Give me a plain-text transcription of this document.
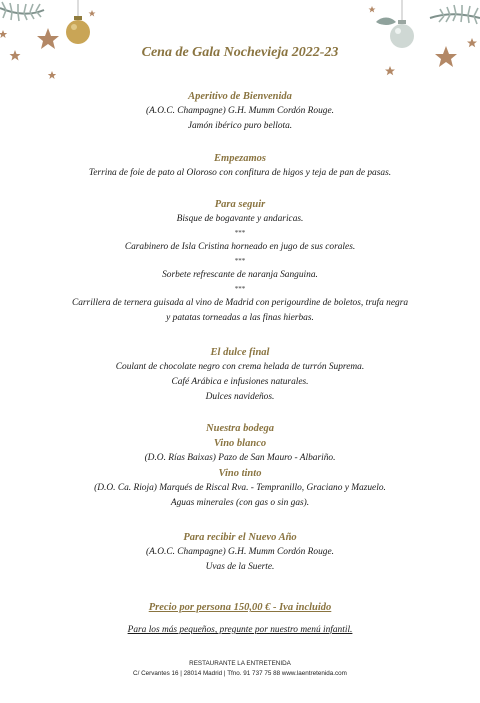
Cena de Gala Nochevieja 2022-23
Aperitivo de Bienvenida
(A.O.C. Champagne) G.H. Mumm Cordón Rouge.
Jamón ibérico puro bellota.
Empezamos
Terrina de foie de pato al Oloroso con confitura de higos y teja de pan de pasas.
Para seguir
Bisque de bogavante y andaricas.
***
Carabinero de Isla Cristina horneado en jugo de sus corales.
***
Sorbete refrescante de naranja Sanguina.
***
Carrillera de ternera guisada al vino de Madrid con perigourdine de boletos, trufa negra
y patatas torneadas a las finas hierbas.
El dulce final
Coulant de chocolate negro con crema helada de turrón Suprema.
Café Arábica e infusiones naturales.
Dulces navideños.
Nuestra bodega
Vino blanco
(D.O. Rías Baixas) Pazo de San Mauro - Albariño.
Vino tinto
(D.O. Ca. Rioja) Marqués de Riscal Rva. - Tempranillo, Graciano y Mazuelo.
Aguas minerales (con gas o sin gas).
Para recibir el Nuevo Año
(A.O.C. Champagne) G.H. Mumm Cordón Rouge.
Uvas de la Suerte.
Precio por persona 150,00 € - Iva incluido
Para los más pequeños, pregunte por nuestro menú infantil.
RESTAURANTE LA ENTRETENIDA
C/ Cervantes 16 | 28014 Madrid | Tfno. 91 737 75 88 www.laentretenida.com
